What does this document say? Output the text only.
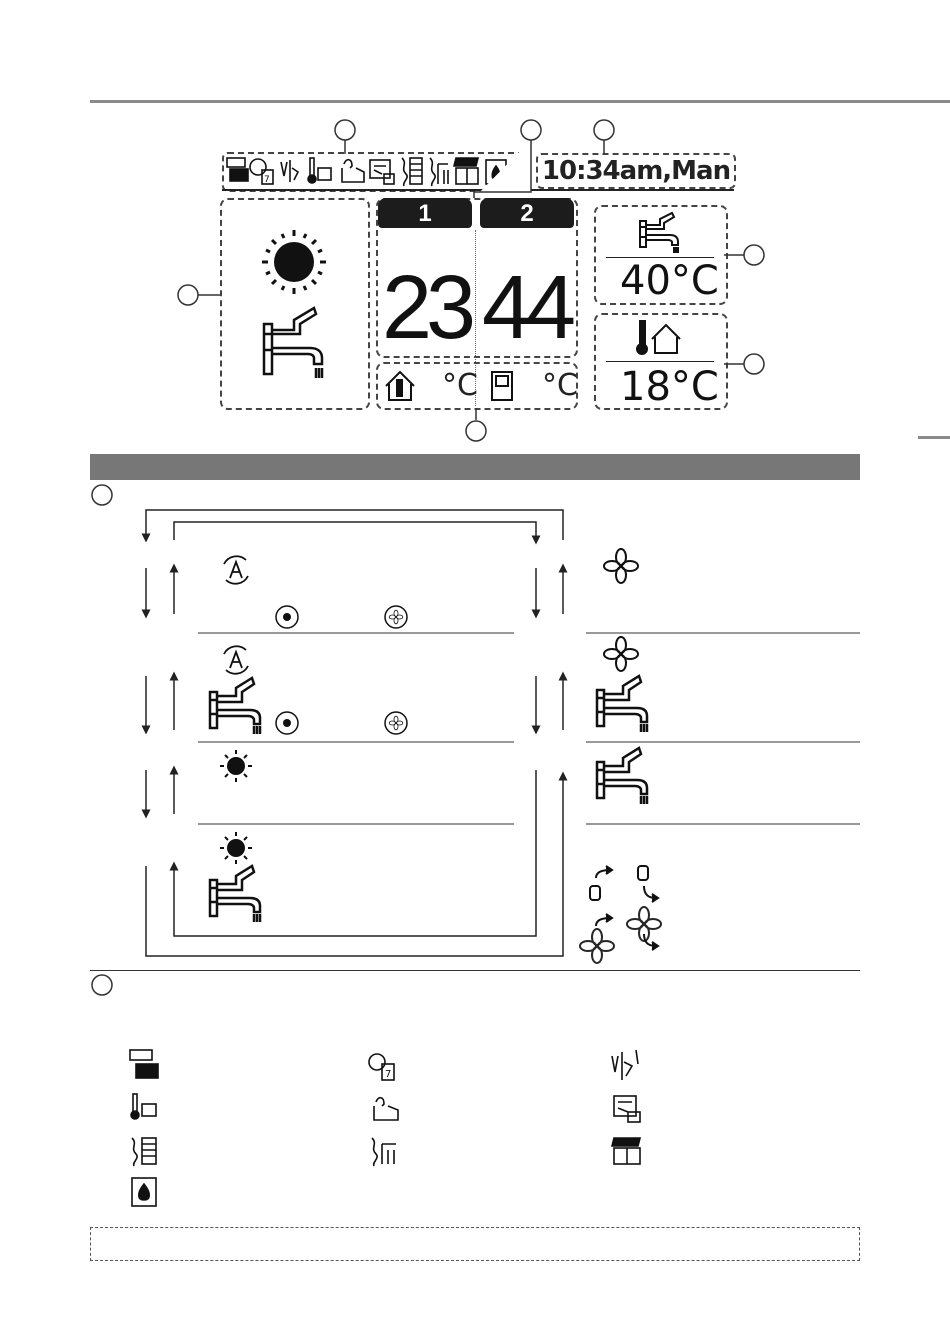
7	10:34am,Man
1	2
23 44
°C °C
40°C
18°C
7
